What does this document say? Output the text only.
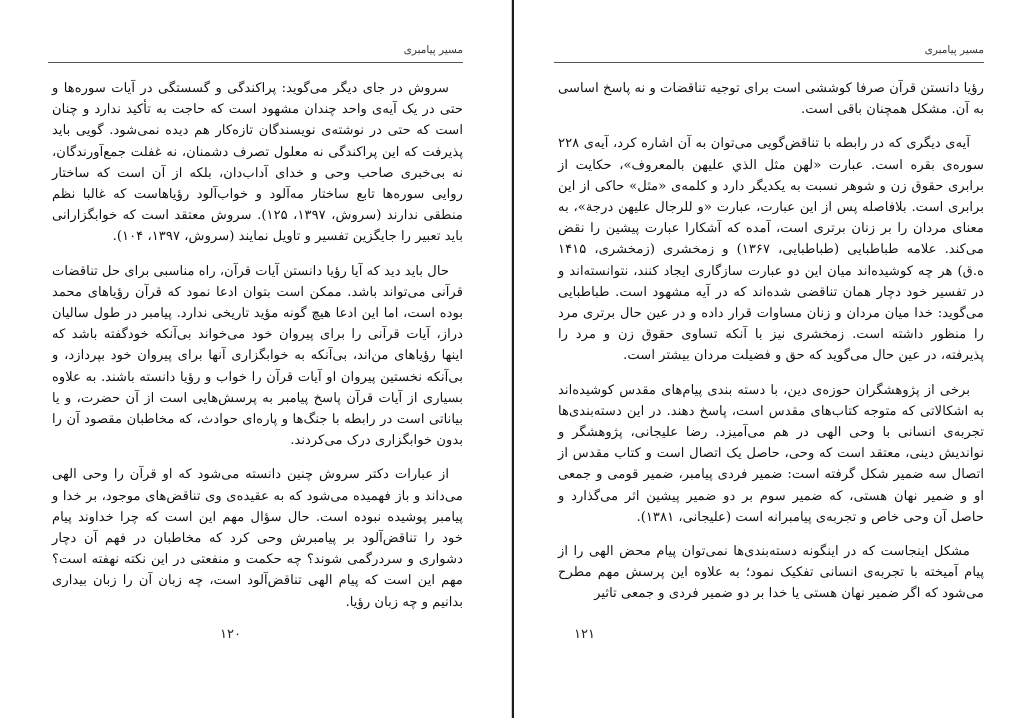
مسیر پیامبری

سروش در جای دیگر می‌گوید: پراکندگی و گسستگی در آیات سوره‌ها و حتی در یک آیه‌ی واحد چندان مشهود است که حاجت به تأکید ندارد و چنان است که حتی در نوشته‌ی نویسندگان تازه‌کار هم دیده نمی‌شود. گویی باید پذیرفت که این پراکندگی نه معلول تصرف دشمنان، نه غفلت جمع‌آورندگان، نه بی‌خبری صاحب وحی و خدای آداب‌دان، بلکه از آن است که ساختار روایی سوره‌ها تابع ساختار مه‌آلود و خواب‌آلود رؤیاهاست که غالبا نظم منطقی ندارند (سروش، ۱۳۹۷، ۱۲۵). سروش معتقد است که خوابگزارانی باید تعبیر را جایگزین تفسیر و تاویل نمایند (سروش، ۱۳۹۷، ۱۰۴).

حال باید دید که آیا رؤیا دانستن آیات قرآن، راه مناسبی برای حل تناقضات قرآنی می‌تواند باشد. ممکن است بتوان ادعا نمود که قرآن رؤیاهای محمد بوده است، اما این ادعا هیچ گونه مؤید تاریخی ندارد. پیامبر در طول سالیان دراز، آیات قرآنی را برای پیروان خود می‌خواند بی‌آنکه خودگفته باشد که اینها رؤیاهای من‌اند، بی‌آنکه به خوابگزاری آنها برای پیروان خود بپردازد، و بی‌آنکه نخستین پیروان او آیات قرآن را خواب و رؤیا دانسته باشند. به علاوه بسیاری از آیات قرآن پاسخ پیامبر به پرسش‌هایی است از آن حضرت، و یا بیاناتی است در رابطه با جنگ‌ها و پاره‌ای حوادث، که مخاطبان مقصود آن را بدون خوابگزاری درک می‌کردند.

از عبارات دکتر سروش چنین دانسته می‌شود که او قرآن را وحی الهی می‌داند و باز فهمیده می‌شود که به عقیده‌ی وی تناقض‌های موجود، بر خدا و پیامبر پوشیده نبوده است. حال سؤال مهم این است که چرا خداوند پیام خود را تناقض‌آلود بر پیامبرش وحی کرد که مخاطبان در فهم آن دچار دشواری و سردرگمی شوند؟ چه حکمت و منفعتی در این نکته نهفته است؟ مهم این است که پیام الهی تناقض‌آلود است، چه زبان آن را زبان بیداری بدانیم و چه زبان رؤیا.

۱۲۰
مسیر پیامبری

رؤیا دانستن قرآن صرفا کوششی است برای توجیه تناقضات و نه پاسخ اساسی به آن. مشکل همچنان باقی است.

آیه‌ی دیگری که در رابطه با تناقض‌گویی می‌توان به آن اشاره کرد، آیه‌ی ۲۲۸ سوره‌ی بقره است. عبارت «لهن مثل الذي عليهن بالمعروف»، حکایت از برابری حقوق زن و شوهر نسبت به یکدیگر دارد و کلمه‌ی «مثل» حاکی از این برابری است. بلافاصله پس از این عبارت، عبارت «و للرجال عليهن درجة»، به معنای مردان را بر زنان برتری است، آمده که آشکارا عبارت پیشین را نقض می‌کند. علامه طباطبایی (طباطبایی، ۱۳۶۷) و زمخشری (زمخشری، ۱۴۱۵ ه.ق) هر چه کوشیده‌اند میان این دو عبارت سازگاری ایجاد کنند، نتوانسته‌اند و در تفسیر خود دچار همان تناقضی شده‌اند که در آیه مشهود است. طباطبایی می‌گوید: خدا میان مردان و زنان مساوات قرار داده و در عین حال برتری مرد را منظور داشته است. زمخشری نیز با آنکه تساوی حقوق زن و مرد را پذیرفته، در عین حال می‌گوید که حق و فضیلت مردان بیشتر است.

برخی از پژوهشگران حوزه‌ی دین، با دسته بندی پیام‌های مقدس کوشیده‌اند به اشکالاتی که متوجه کتاب‌های مقدس است، پاسخ دهند. در این دسته‌بندی‌ها تجربه‌ی انسانی با وحی الهی در هم می‌آمیزد. رضا علیجانی، پژوهشگر و نواندیش دینی، معتقد است که وحی، حاصل یک اتصال است و کتاب مقدس از اتصال سه ضمیر شکل گرفته است: ضمیر فردی پیامبر، ضمیر قومی و جمعی او و ضمیر نهان هستی، که ضمیر سوم بر دو ضمیر پیشین اثر می‌گذارد و حاصل آن وحی خاص و تجربه‌ی پیامبرانه است (علیجانی، ۱۳۸۱).

مشکل اینجاست که در اینگونه دسته‌بندی‌ها نمی‌توان پیام محض الهی را از پیام آمیخته با تجربه‌ی انسانی تفکیک نمود؛ به علاوه این پرسش مهم مطرح می‌شود که اگر ضمیر نهان هستی یا خدا بر دو ضمیر فردی و جمعی تاثیر

۱۲۱
